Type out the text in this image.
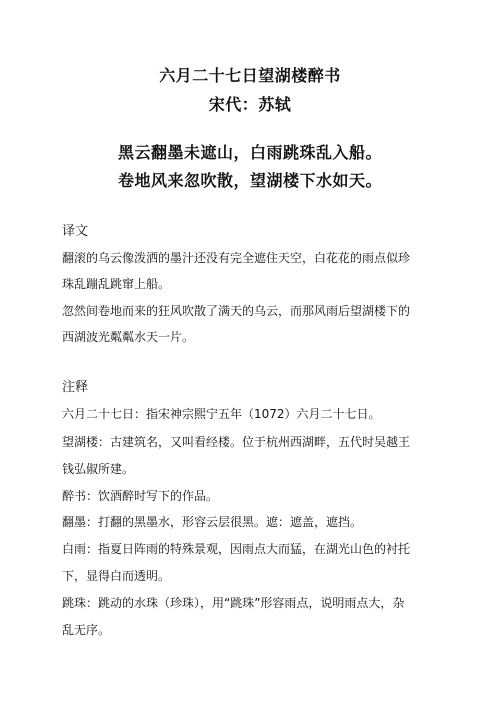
六月二十七日望湖楼醉书
宋代：苏轼
黑云翻墨未遮山，白雨跳珠乱入船。
卷地风来忽吹散，望湖楼下水如天。
译文
翻滚的乌云像泼洒的墨汁还没有完全遮住天空，白花花的雨点似珍
珠乱蹦乱跳窜上船。
忽然间卷地而来的狂风吹散了满天的乌云，而那风雨后望湖楼下的
西湖波光粼粼水天一片。
注释
六月二十七日：指宋神宗熙宁五年（1072）六月二十七日。
望湖楼：古建筑名，又叫看经楼。位于杭州西湖畔，五代时吴越王
钱弘俶所建。
醉书：饮酒醉时写下的作品。
翻墨：打翻的黑墨水，形容云层很黑。遮：遮盖，遮挡。
白雨：指夏日阵雨的特殊景观，因雨点大而猛，在湖光山色的衬托
下，显得白而透明。
跳珠：跳动的水珠（珍珠），用“跳珠”形容雨点，说明雨点大，杂
乱无序。
